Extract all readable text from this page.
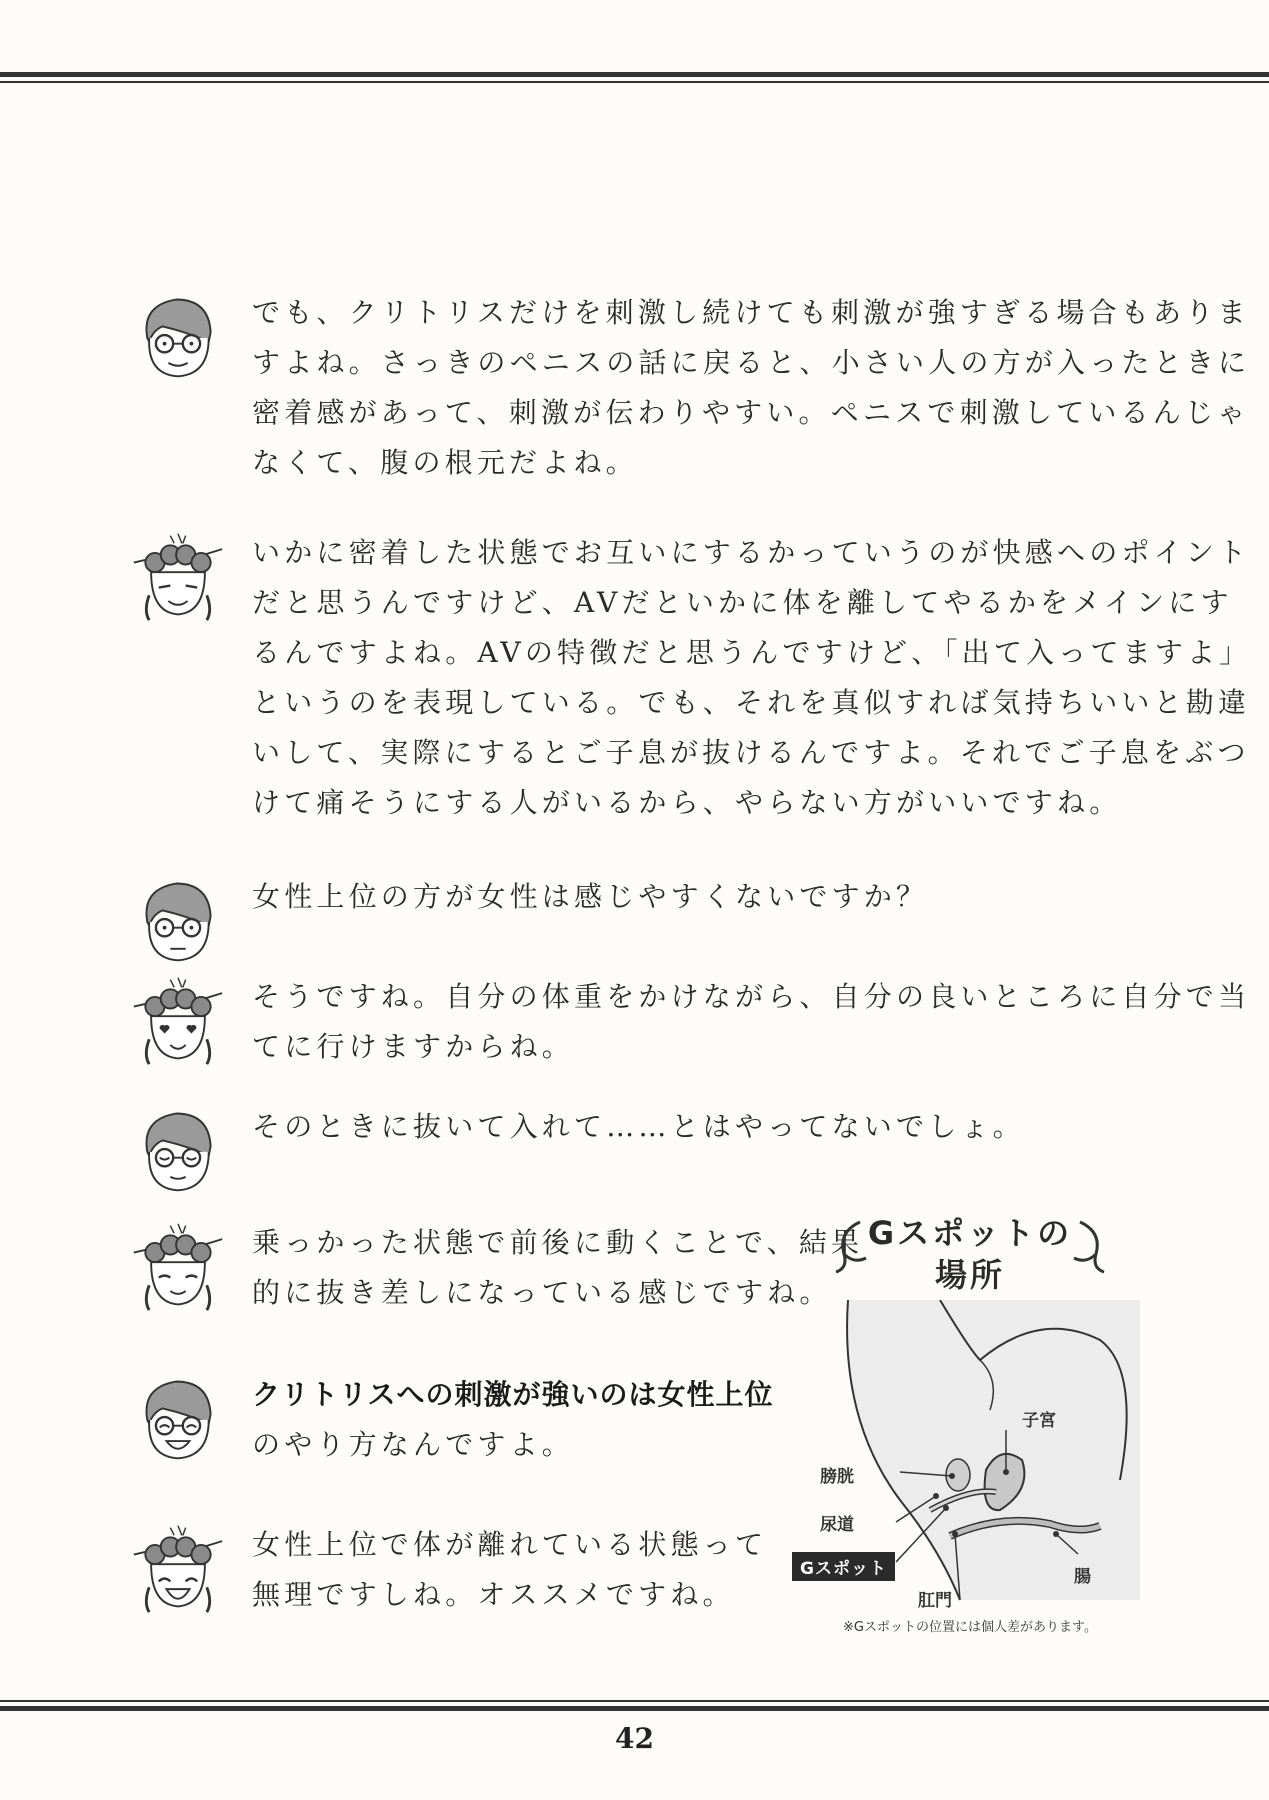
でも、クリトリスだけを刺激し続けても刺激が強すぎる場合もありま
すよね。さっきのペニスの話に戻ると、小さい人の方が入ったときに
密着感があって、刺激が伝わりやすい。ペニスで刺激しているんじゃ
なくて、腹の根元だよね。
いかに密着した状態でお互いにするかっていうのが快感へのポイント
だと思うんですけど、AVだといかに体を離してやるかをメインにす
るんですよね。AVの特徴だと思うんですけど、「出て入ってますよ」
というのを表現している。でも、それを真似すれば気持ちいいと勘違
いして、実際にするとご子息が抜けるんですよ。それでご子息をぶつ
けて痛そうにする人がいるから、やらない方がいいですね。
女性上位の方が女性は感じやすくないですか？
そうですね。自分の体重をかけながら、自分の良いところに自分で当
てに行けますからね。
そのときに抜いて入れて……とはやってないでしょ。
乗っかった状態で前後に動くことで、結果
的に抜き差しになっている感じですね。
クリトリスへの刺激が強いのは女性上位
のやり方なんですよ。
女性上位で体が離れている状態って
無理ですしね。オススメですね。
Gスポットの
場所
子宮
膀胱
尿道
Gスポット	腸
肛門
※Gスポットの位置には個人差があります。
42
